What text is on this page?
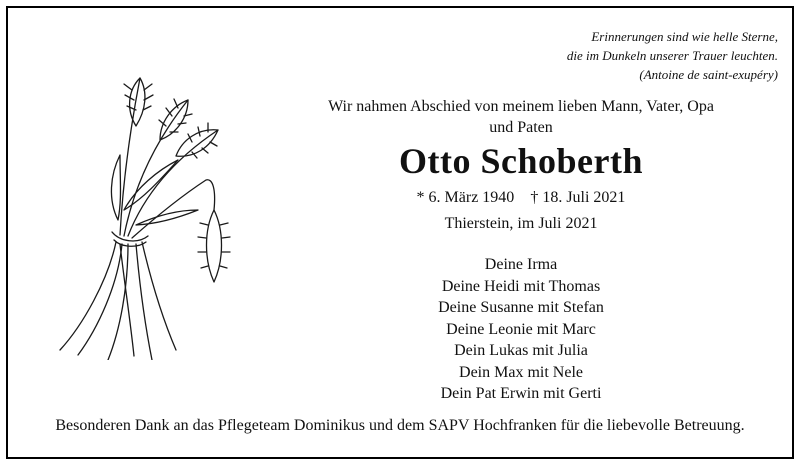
Erinnerungen sind wie helle Sterne,
die im Dunkeln unserer Trauer leuchten.
(Antoine de saint-exupéry)
Wir nahmen Abschied von meinem lieben Mann, Vater, Opa
und Paten
Otto Schoberth
* 6. März 1940 † 18. Juli 2021
Thierstein, im Juli 2021
Deine Irma
Deine Heidi mit Thomas
Deine Susanne mit Stefan
Deine Leonie mit Marc
Dein Lukas mit Julia
Dein Max mit Nele
Dein Pat Erwin mit Gerti
Besonderen Dank an das Pflegeteam Dominikus und dem SAPV Hochfranken für die liebevolle Betreuung.
